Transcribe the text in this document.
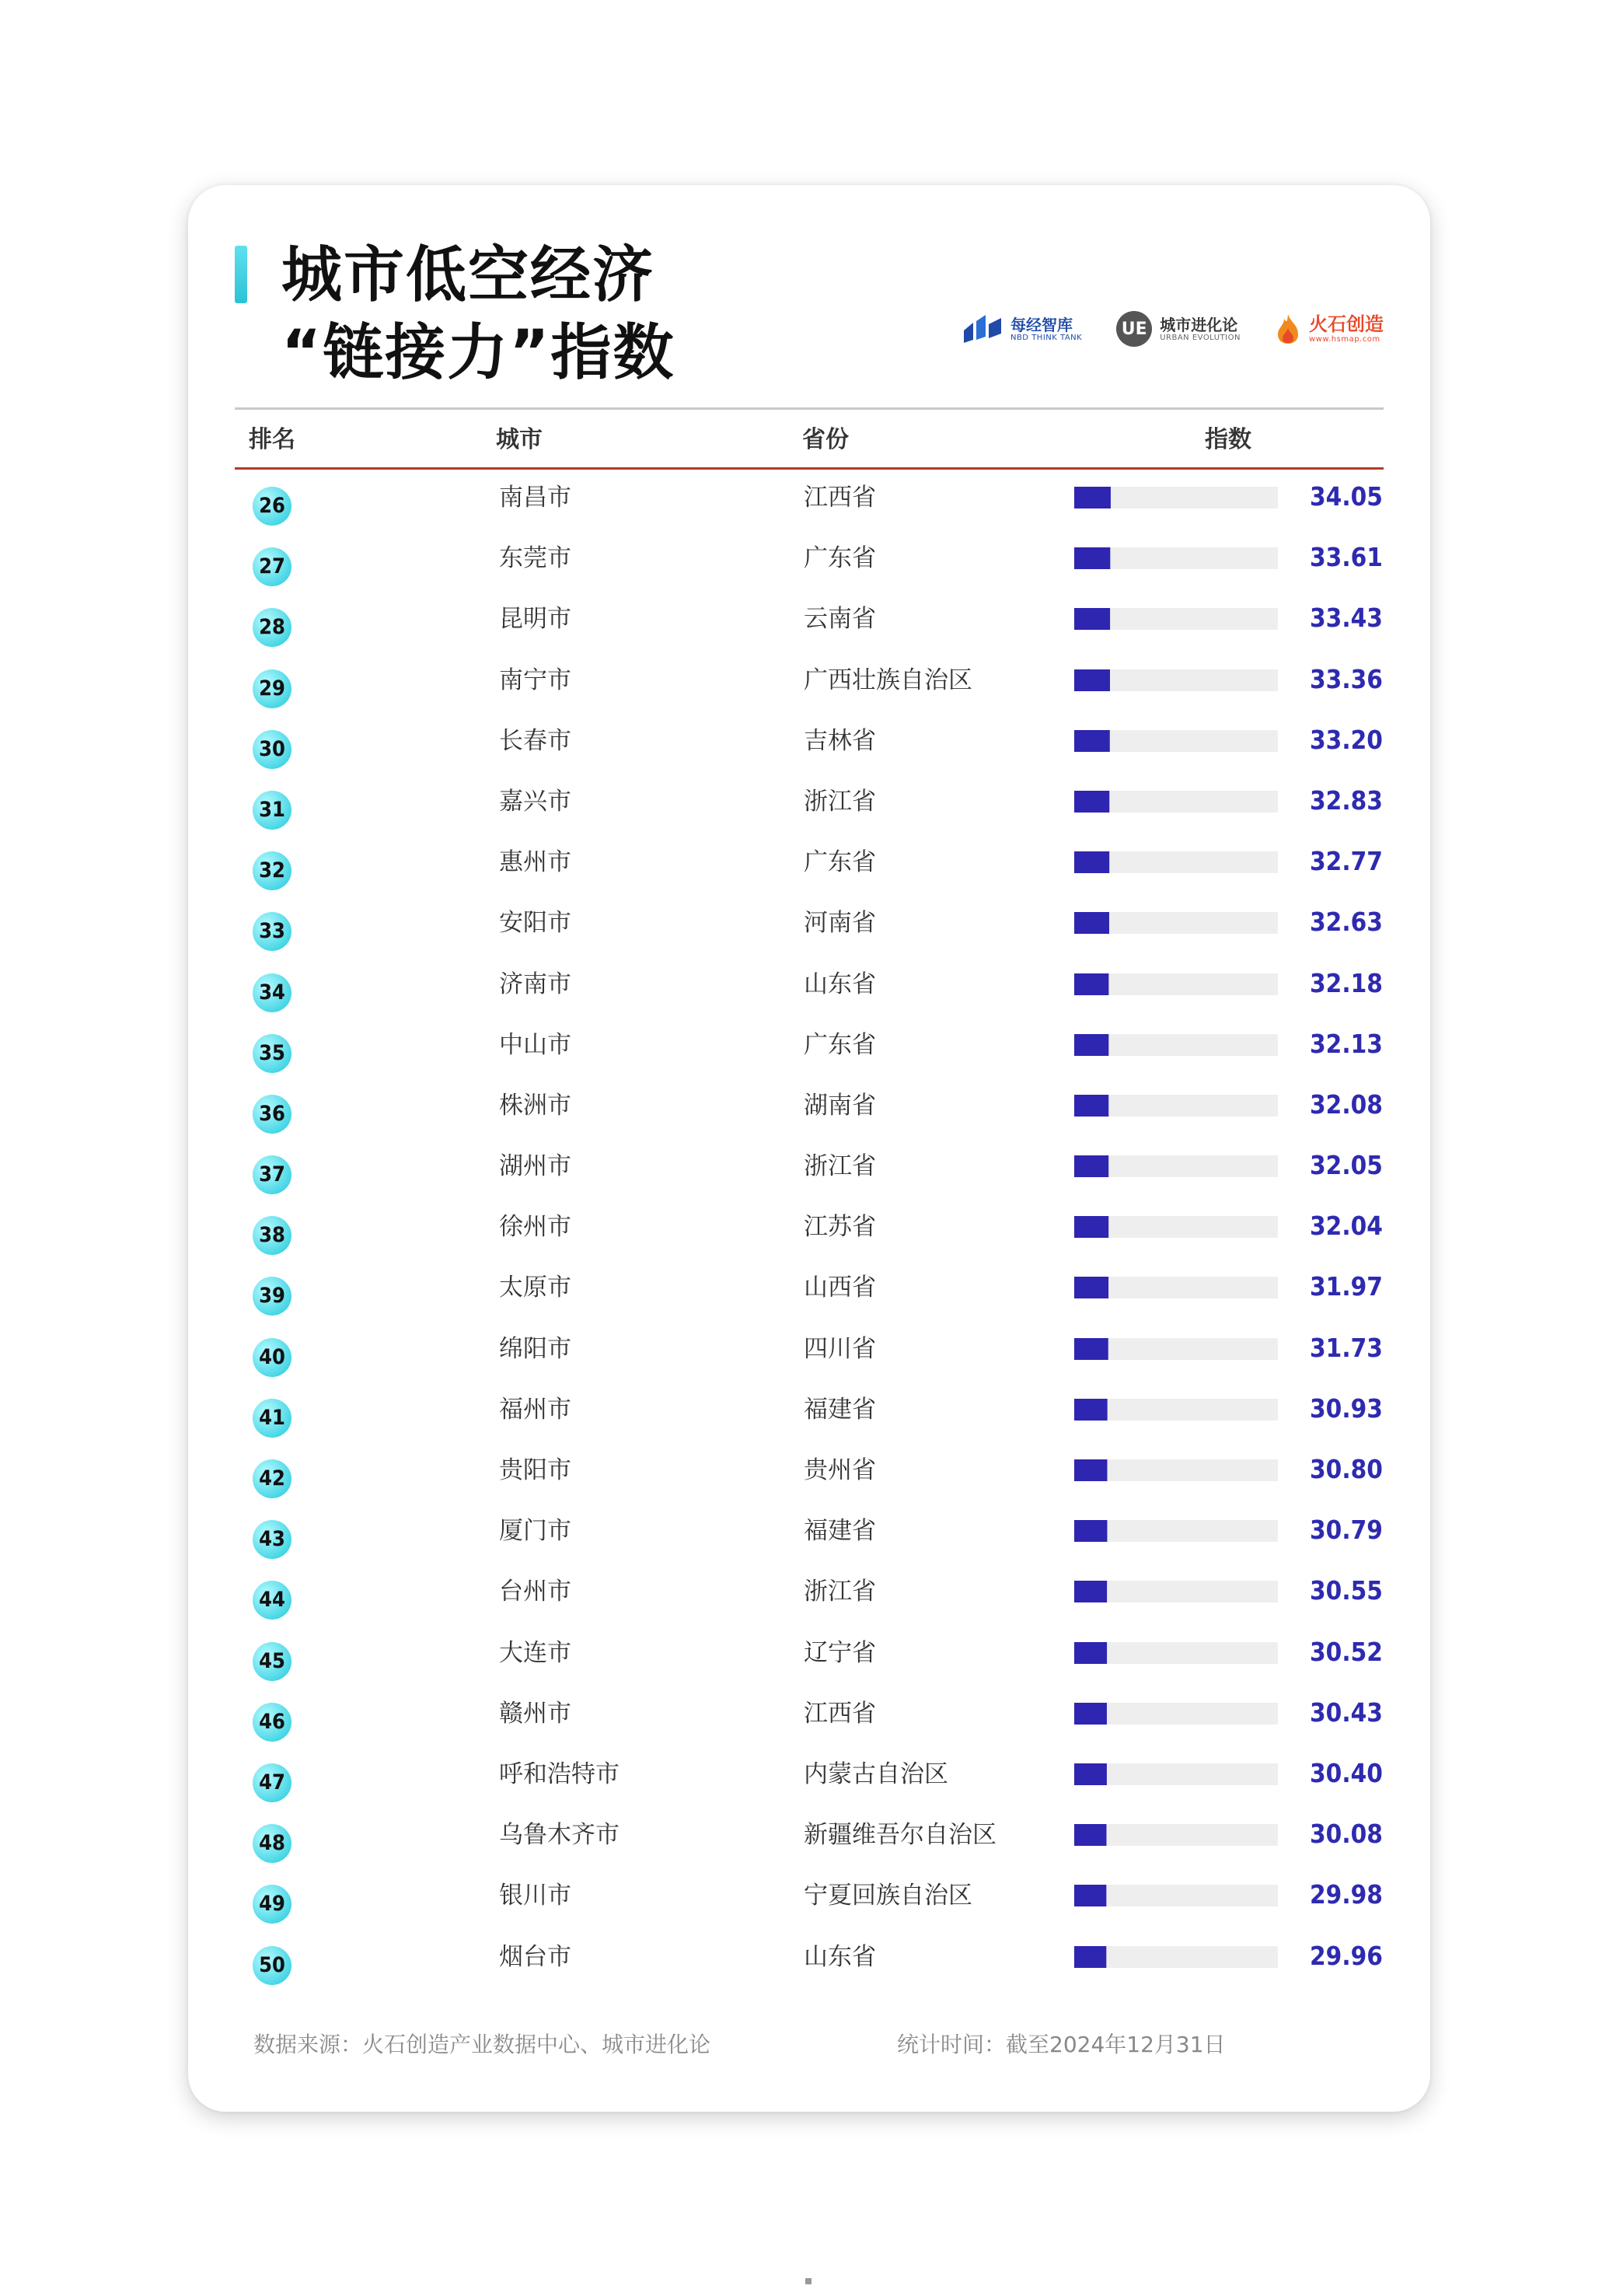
城市低空经济
“链接力”指数	每经智库
NBD THINK TANK UE 城市进化论
URBAN EVOLUTION
火石创造
www.hsmap.com
排名	城市	省份	指数
26	南昌市	江西省	34.05
27	东莞市	广东省	33.61
28	昆明市	云南省	33.43
29	南宁市	广西壮族自治区	33.36
30	长春市	吉林省	33.20
31	嘉兴市	浙江省	32.83
32	惠州市	广东省	32.77
33	安阳市	河南省	32.63
34	济南市	山东省	32.18
35	中山市	广东省	32.13
36	株洲市	湖南省	32.08
37	湖州市	浙江省	32.05
38	徐州市	江苏省	32.04
39	太原市	山西省	31.97
40	绵阳市	四川省	31.73
41	福州市	福建省	30.93
42	贵阳市	贵州省	30.80
43	厦门市	福建省	30.79
44	台州市	浙江省	30.55
45	大连市	辽宁省	30.52
46	赣州市	江西省	30.43
47	呼和浩特市	内蒙古自治区	30.40
48	乌鲁木齐市	新疆维吾尔自治区	30.08
49	银川市	宁夏回族自治区	29.98
50	烟台市	山东省	29.96
数据来源：火石创造产业数据中心、城市进化论	统计时间：截至2024年12月31日
